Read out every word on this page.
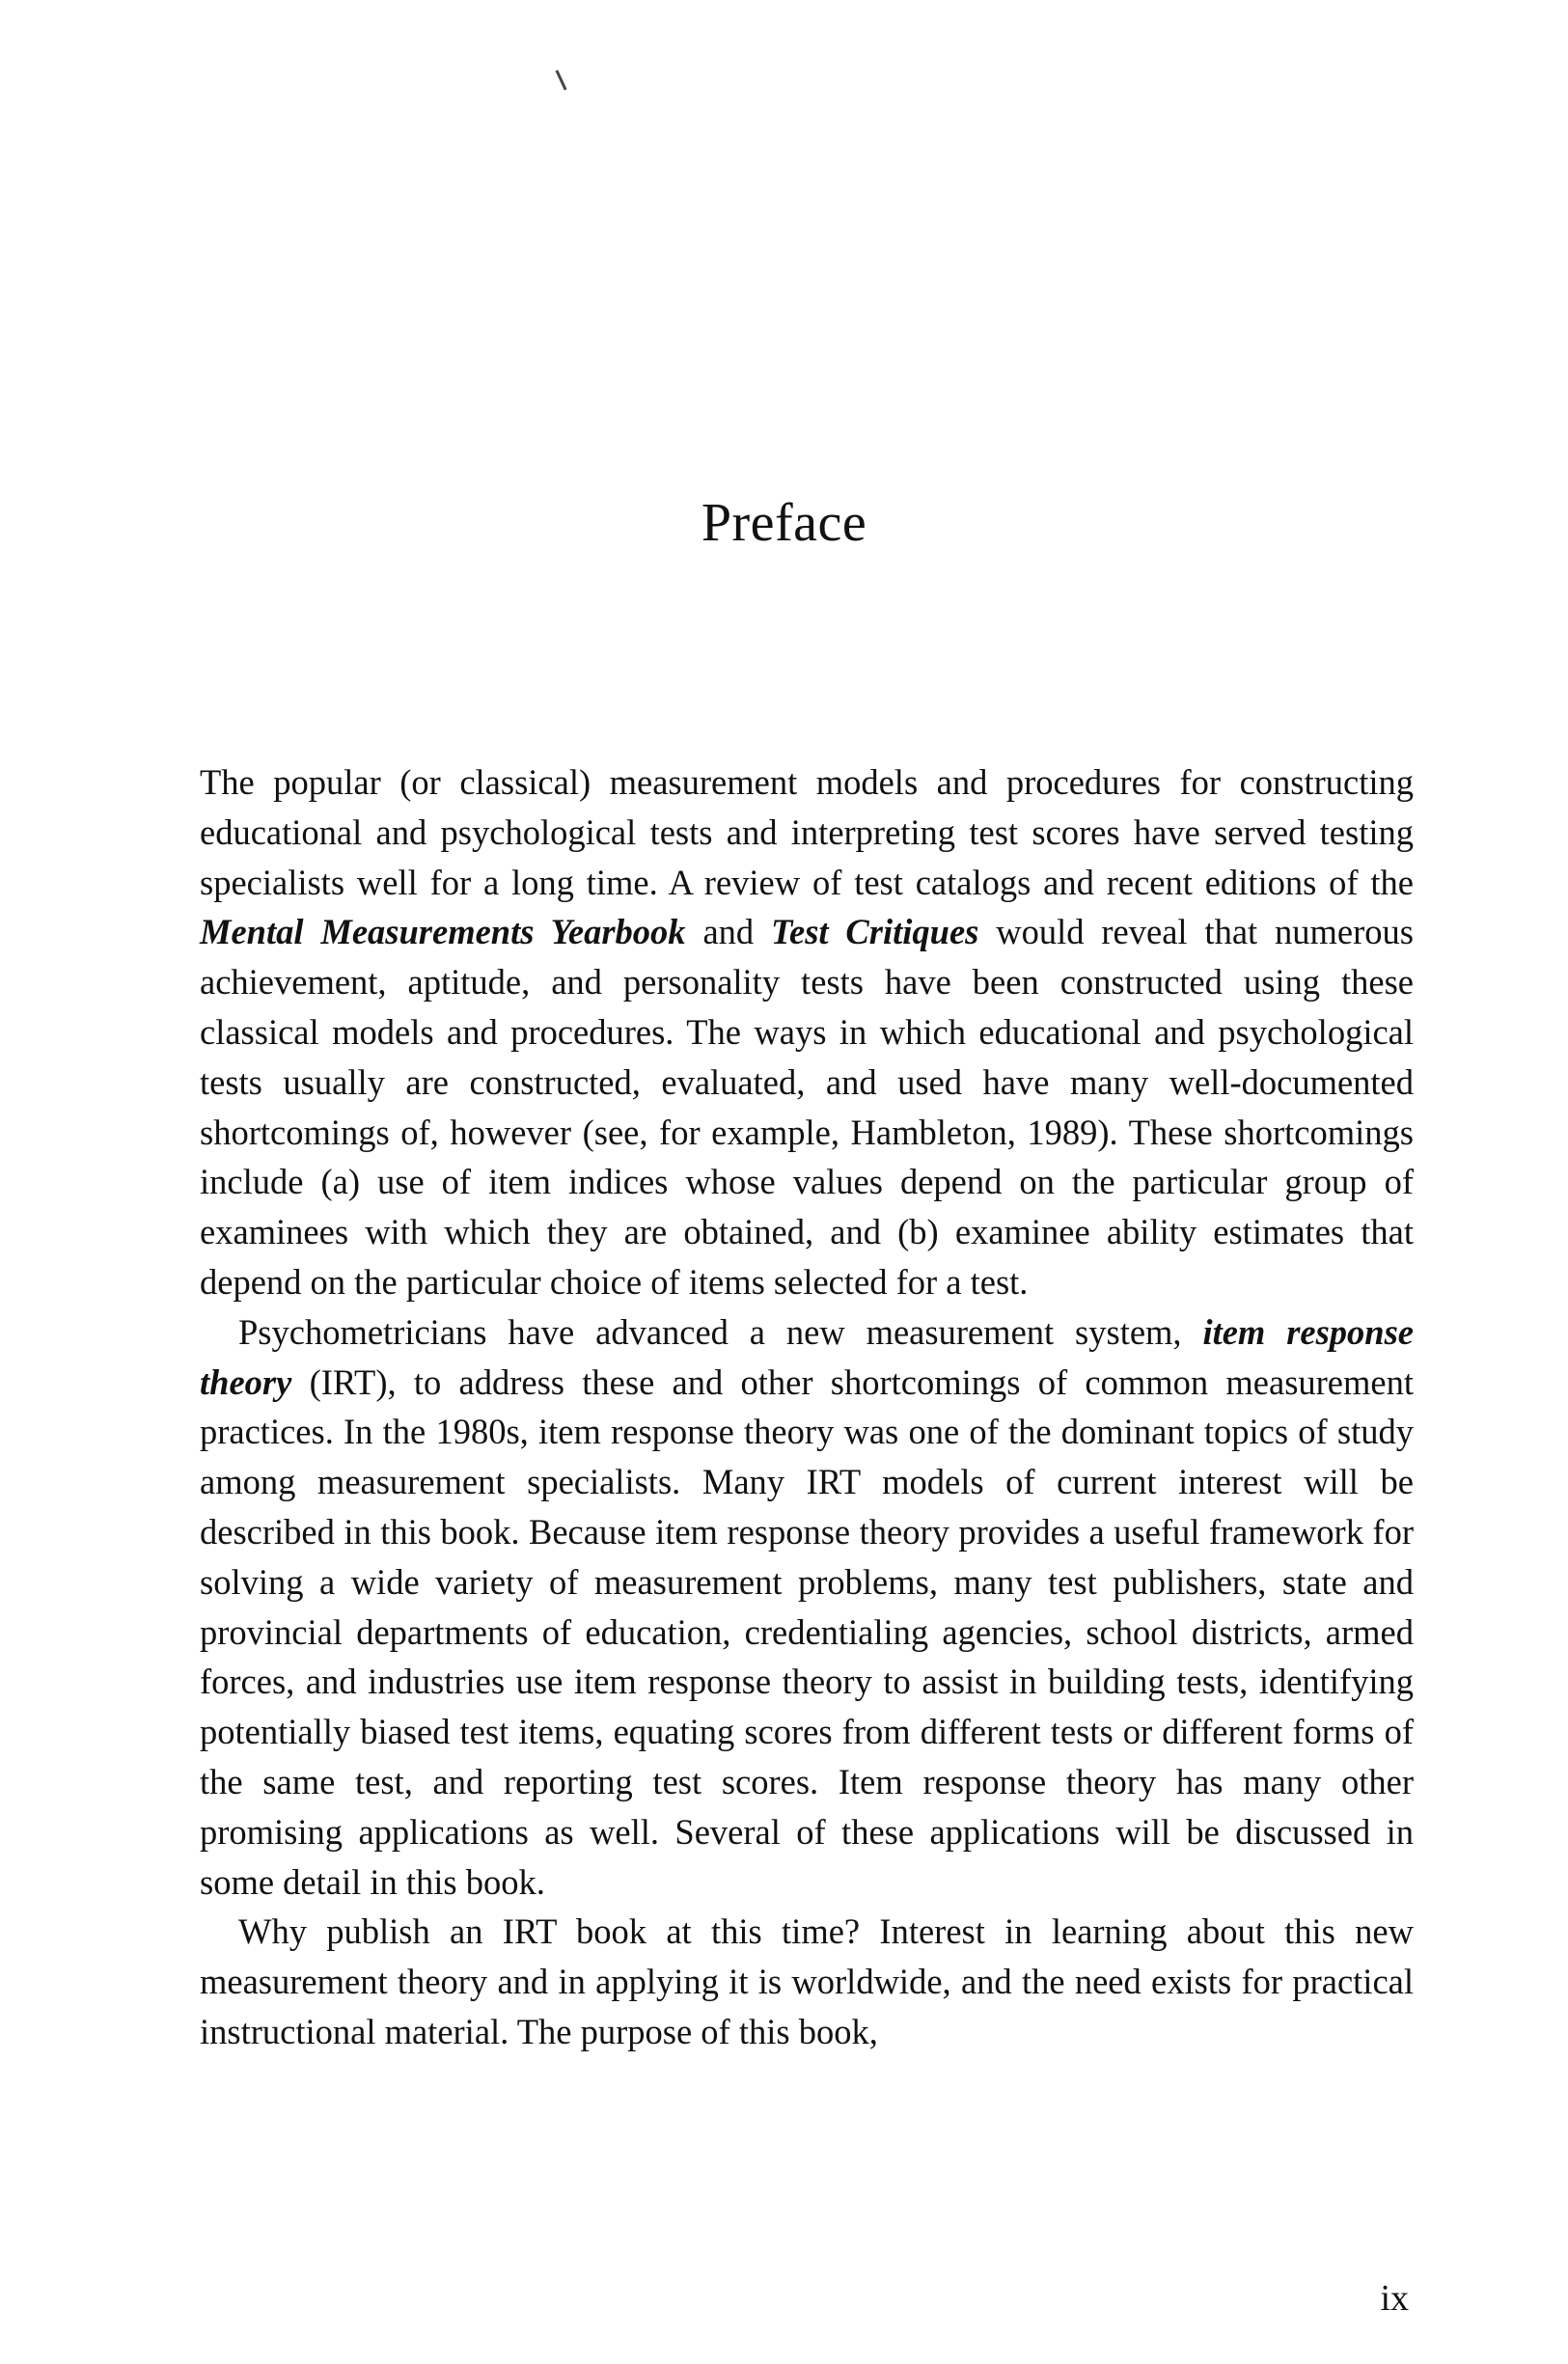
Preface

The popular (or classical) measurement models and procedures for constructing educational and psychological tests and interpreting test scores have served testing specialists well for a long time. A review of test catalogs and recent editions of the Mental Measurements Yearbook and Test Critiques would reveal that numerous achievement, aptitude, and personality tests have been constructed using these classical models and procedures. The ways in which educational and psychological tests usually are constructed, evaluated, and used have many well-documented shortcomings of, however (see, for example, Hambleton, 1989). These shortcomings include (a) use of item indices whose values depend on the particular group of examinees with which they are obtained, and (b) examinee ability estimates that depend on the particular choice of items selected for a test.

Psychometricians have advanced a new measurement system, item response theory (IRT), to address these and other shortcomings of common measurement practices. In the 1980s, item response theory was one of the dominant topics of study among measurement specialists. Many IRT models of current interest will be described in this book. Because item response theory provides a useful framework for solving a wide variety of measurement problems, many test publishers, state and provincial departments of education, credentialing agencies, school districts, armed forces, and industries use item response theory to assist in building tests, identifying potentially biased test items, equating scores from different tests or different forms of the same test, and reporting test scores. Item response theory has many other promising applications as well. Several of these applications will be discussed in some detail in this book.

Why publish an IRT book at this time? Interest in learning about this new measurement theory and in applying it is worldwide, and the need exists for practical instructional material. The purpose of this book,

ix
